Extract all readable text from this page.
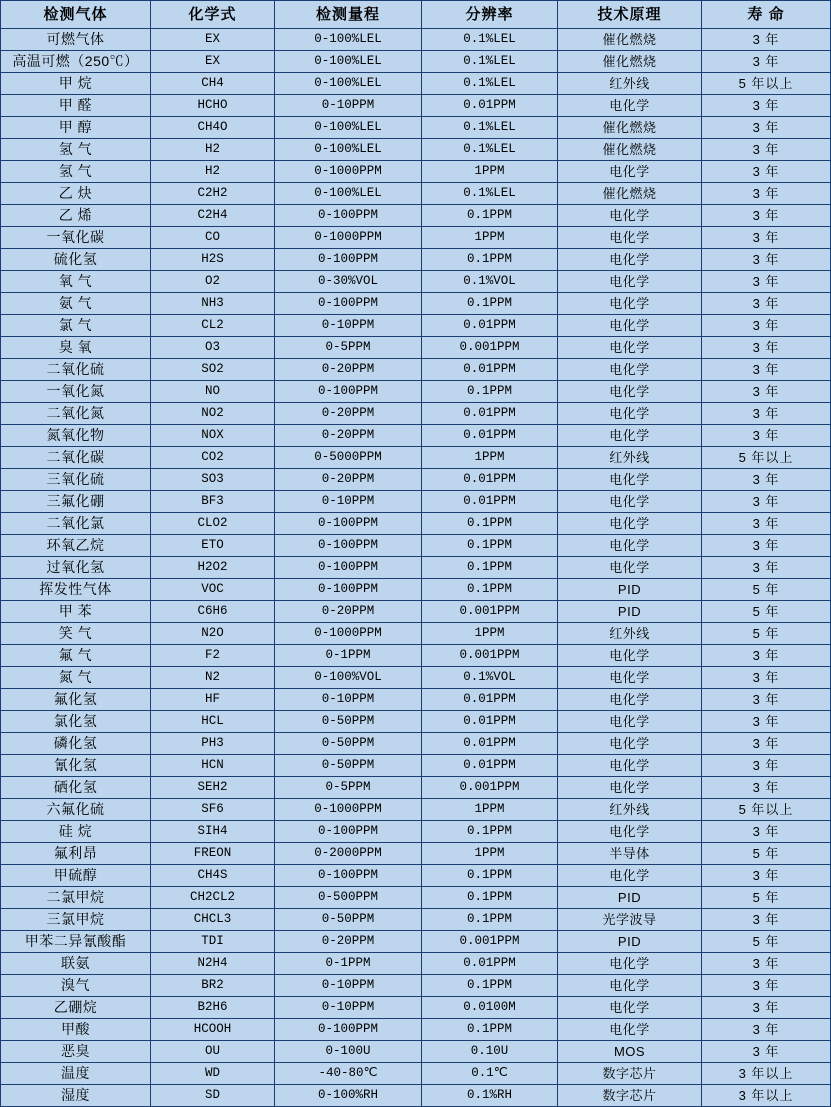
检测气体	化学式	检测量程	分辨率	技术原理	寿 命
可燃气体	EX	0-100%LEL	0.1%LEL	催化燃烧	3 年
高温可燃（250℃）	EX	0-100%LEL	0.1%LEL	催化燃烧	3 年
甲 烷	CH4	0-100%LEL	0.1%LEL	红外线	5 年以上
甲 醛	HCHO	0-10PPM	0.01PPM	电化学	3 年
甲 醇	CH4O	0-100%LEL	0.1%LEL	催化燃烧	3 年
氢 气	H2	0-100%LEL	0.1%LEL	催化燃烧	3 年
氢 气	H2	0-1000PPM	1PPM	电化学	3 年
乙 炔	C2H2	0-100%LEL	0.1%LEL	催化燃烧	3 年
乙 烯	C2H4	0-100PPM	0.1PPM	电化学	3 年
一氧化碳	CO	0-1000PPM	1PPM	电化学	3 年
硫化氢	H2S	0-100PPM	0.1PPM	电化学	3 年
氧 气	O2	0-30%VOL	0.1%VOL	电化学	3 年
氨 气	NH3	0-100PPM	0.1PPM	电化学	3 年
氯 气	CL2	0-10PPM	0.01PPM	电化学	3 年
臭 氧	O3	0-5PPM	0.001PPM	电化学	3 年
二氧化硫	SO2	0-20PPM	0.01PPM	电化学	3 年
一氧化氮	NO	0-100PPM	0.1PPM	电化学	3 年
二氧化氮	NO2	0-20PPM	0.01PPM	电化学	3 年
氮氧化物	NOX	0-20PPM	0.01PPM	电化学	3 年
二氧化碳	CO2	0-5000PPM	1PPM	红外线	5 年以上
三氧化硫	SO3	0-20PPM	0.01PPM	电化学	3 年
三氟化硼	BF3	0-10PPM	0.01PPM	电化学	3 年
二氧化氯	CLO2	0-100PPM	0.1PPM	电化学	3 年
环氧乙烷	ETO	0-100PPM	0.1PPM	电化学	3 年
过氧化氢	H2O2	0-100PPM	0.1PPM	电化学	3 年
挥发性气体	VOC	0-100PPM	0.1PPM	PID	5 年
甲 苯	C6H6	0-20PPM	0.001PPM	PID	5 年
笑 气	N2O	0-1000PPM	1PPM	红外线	5 年
氟 气	F2	0-1PPM	0.001PPM	电化学	3 年
氮 气	N2	0-100%VOL	0.1%VOL	电化学	3 年
氟化氢	HF	0-10PPM	0.01PPM	电化学	3 年
氯化氢	HCL	0-50PPM	0.01PPM	电化学	3 年
磷化氢	PH3	0-50PPM	0.01PPM	电化学	3 年
氰化氢	HCN	0-50PPM	0.01PPM	电化学	3 年
硒化氢	SEH2	0-5PPM	0.001PPM	电化学	3 年
六氟化硫	SF6	0-1000PPM	1PPM	红外线	5 年以上
硅 烷	SIH4	0-100PPM	0.1PPM	电化学	3 年
氟利昂	FREON	0-2000PPM	1PPM	半导体	5 年
甲硫醇	CH4S	0-100PPM	0.1PPM	电化学	3 年
二氯甲烷	CH2CL2	0-500PPM	0.1PPM	PID	5 年
三氯甲烷	CHCL3	0-50PPM	0.1PPM	光学波导	3 年
甲苯二异氰酸酯	TDI	0-20PPM	0.001PPM	PID	5 年
联氨	N2H4	0-1PPM	0.01PPM	电化学	3 年
溴气	BR2	0-10PPM	0.1PPM	电化学	3 年
乙硼烷	B2H6	0-10PPM	0.0100M	电化学	3 年
甲酸	HCOOH	0-100PPM	0.1PPM	电化学	3 年
恶臭	OU	0-100U	0.10U	MOS	3 年
温度	WD	-40-80℃	0.1℃	数字芯片	3 年以上
湿度	SD	0-100%RH	0.1%RH	数字芯片	3 年以上
